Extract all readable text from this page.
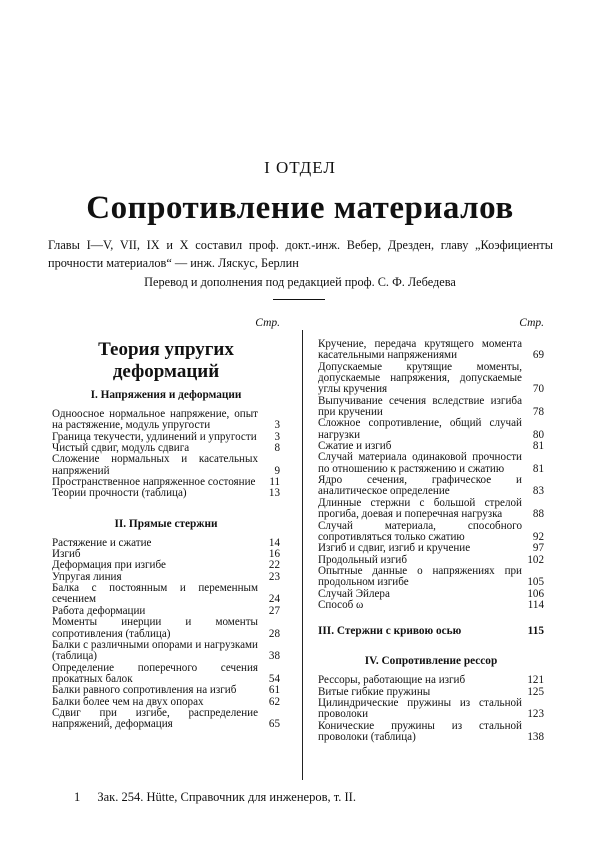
I ОТДЕЛ
Сопротивление материалов
Главы I—V, VII, IX и X составил проф. докт.-инж. Вебер, Дрезден, главу „Коэфициенты прочности материалов“ — инж. Ляскус, Берлин
Перевод и дополнения под редакцией проф. С. Ф. Лебедева
Стр.
Теория упругих деформаций
I. Напряжения и деформации
Одноосное нормальное напряжение, опыт на растяжение, модуль упругости	3
Граница текучести, удлинений и упругости	3
Чистый сдвиг, модуль сдвига	8
Сложение нормальных и касательных напряжений	9
Пространственное напряженное состояние	11
Теории прочности (таблица)	13
II. Прямые стержни
Растяжение и сжатие	14
Изгиб	16
Деформация при изгибе	22
Упругая линия	23
Балка с постоянным и переменным сечением	24
Работа деформации	27
Моменты инерции и моменты сопротивления (таблица)	28
Балки с различными опорами и нагрузками (таблица)	38
Определение поперечного сечения прокатных балок	54
Балки равного сопротивления на изгиб	61
Балки более чем на двух опорах	62
Сдвиг при изгибе, распределение напряжений, деформация	65
Стр.
Кручение, передача крутящего момента касательными напряжениями	69
Допускаемые крутящие моменты, допускаемые напряжения, допускаемые углы кручения	70
Выпучивание сечения вследствие изгиба при кручении	78
Сложное сопротивление, общий случай нагрузки	80
Сжатие и изгиб	81
Случай материала одинаковой прочности по отношению к растяжению и сжатию	81
Ядро сечения, графическое и аналитическое определение	83
Длинные стержни с большой стрелой прогиба, доевая и поперечная нагрузка	88
Случай материала, способного сопротивляться только сжатию	92
Изгиб и сдвиг, изгиб и кручение	97
Продольный изгиб	102
Опытные данные о напряжениях при продольном изгибе	105
Случай Эйлера	106
Способ ω	114
III. Стержни с кривою осью	115
IV. Сопротивление рессор
Рессоры, работающие на изгиб	121
Витые гибкие пружины	125
Цилиндрические пружины из стальной проволоки	123
Конические пружины из стальной проволоки (таблица)	138
1 Зак. 254. Hütte, Справочник для инженеров, т. II.
